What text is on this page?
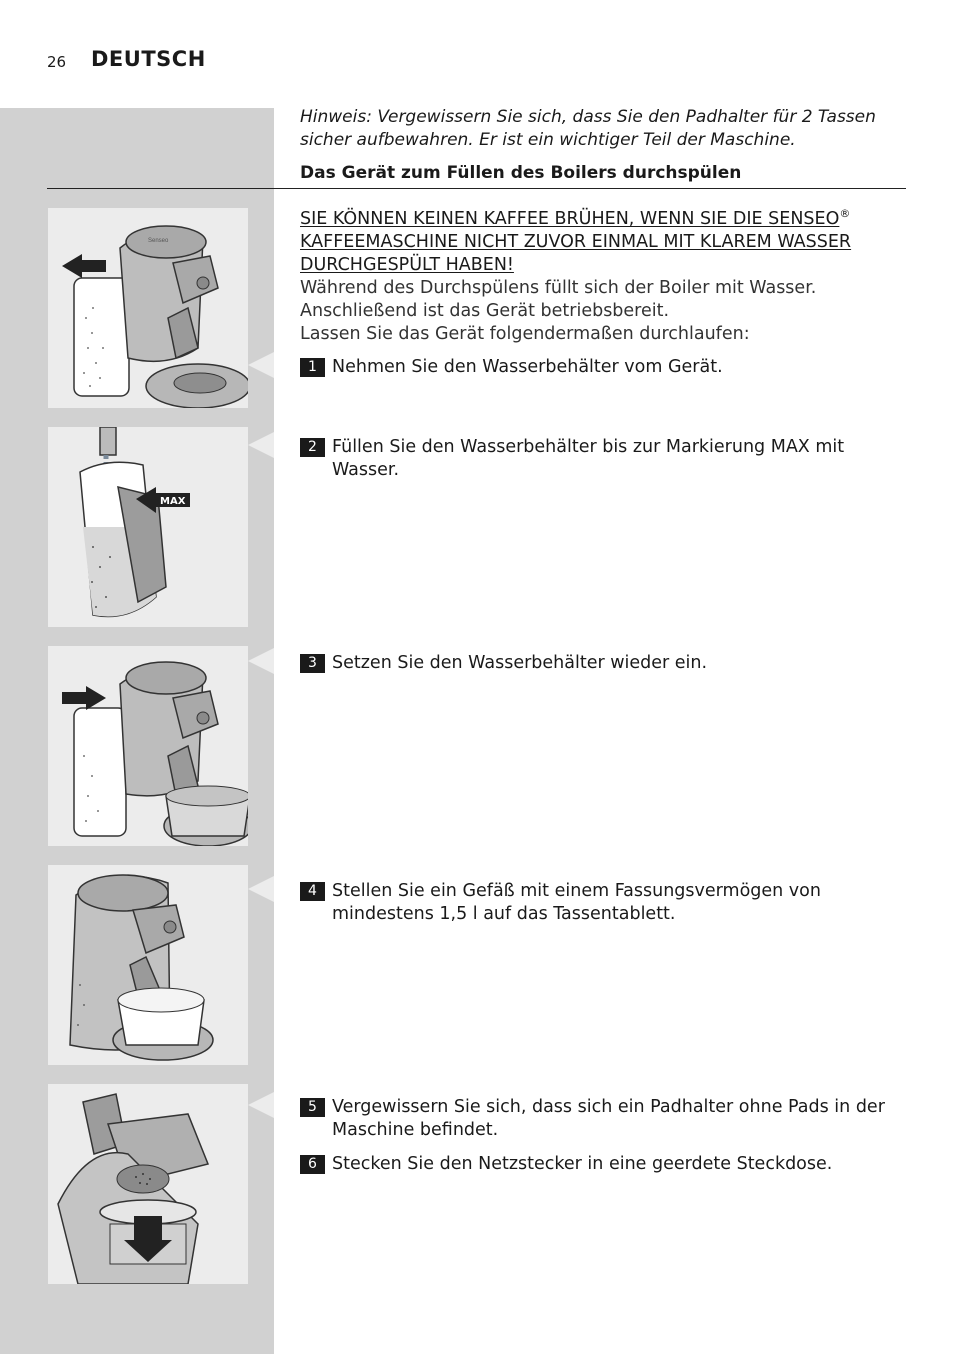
26 DEUTSCH
Hinweis: Vergewissern Sie sich, dass Sie den Padhalter für 2 Tassen sicher aufbewahren. Er ist ein wichtiger Teil der Maschine.
Das Gerät zum Füllen des Boilers durchspülen
SIE KÖNNEN KEINEN KAFFEE BRÜHEN, WENN SIE DIE SENSEO®
KAFFEEMASCHINE NICHT ZUVOR EINMAL MIT KLAREM WASSER
DURCHGESPÜLT HABEN!
Während des Durchspülens füllt sich der Boiler mit Wasser. Anschließend ist das Gerät betriebsbereit.
Lassen Sie das Gerät folgendermaßen durchlaufen:
1 Nehmen Sie den Wasserbehälter vom Gerät.
2 Füllen Sie den Wasserbehälter bis zur Markierung MAX mit Wasser.
3 Setzen Sie den Wasserbehälter wieder ein.
4 Stellen Sie ein Gefäß mit einem Fassungsvermögen von mindestens 1,5 l auf das Tassentablett.
5 Vergewissern Sie sich, dass sich ein Padhalter ohne Pads in der Maschine befindet.
6 Stecken Sie den Netzstecker in eine geerdete Steckdose.
Senseo
MAX
